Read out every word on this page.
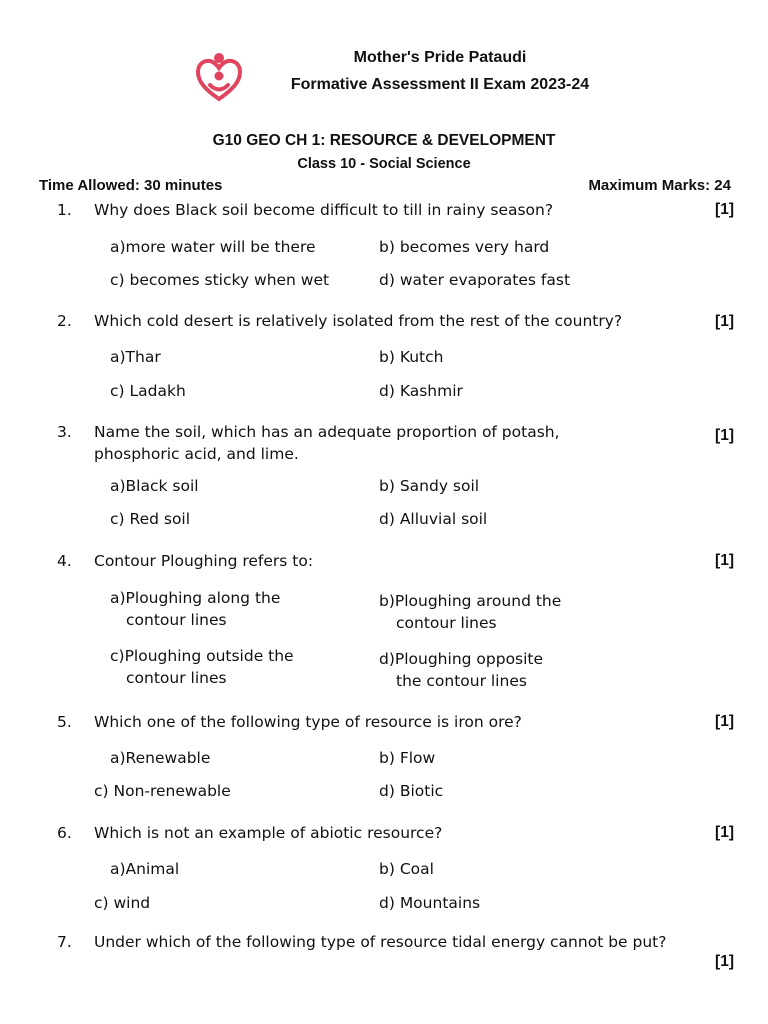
Mother's Pride Pataudi
Formative Assessment II Exam 2023-24
G10 GEO CH 1: RESOURCE & DEVELOPMENT
Class 10 - Social Science
Time Allowed: 30 minutes	Maximum Marks: 24
1. Why does Black soil become difficult to till in rainy season?	[1]
a)more water will be there	b) becomes very hard
c) becomes sticky when wet	d) water evaporates fast
2. Which cold desert is relatively isolated from the rest of the country?	[1]
a)Thar	b) Kutch
c) Ladakh	d) Kashmir
3. Name the soil, which has an adequate proportion of potash,
phosphoric acid, and lime.
[1]
a)Black soil	b) Sandy soil
c) Red soil	d) Alluvial soil
4. Contour Ploughing refers to:	[1]
a)Ploughing along the
contour lines
b)Ploughing around the
contour lines
c)Ploughing outside the
contour lines
d)Ploughing opposite
the contour lines
5. Which one of the following type of resource is iron ore?	[1]
a)Renewable	b) Flow
c) Non-renewable	d) Biotic
6. Which is not an example of abiotic resource?	[1]
a)Animal	b) Coal
c) wind	d) Mountains
7. Under which of the following type of resource tidal energy cannot be put?
[1]
